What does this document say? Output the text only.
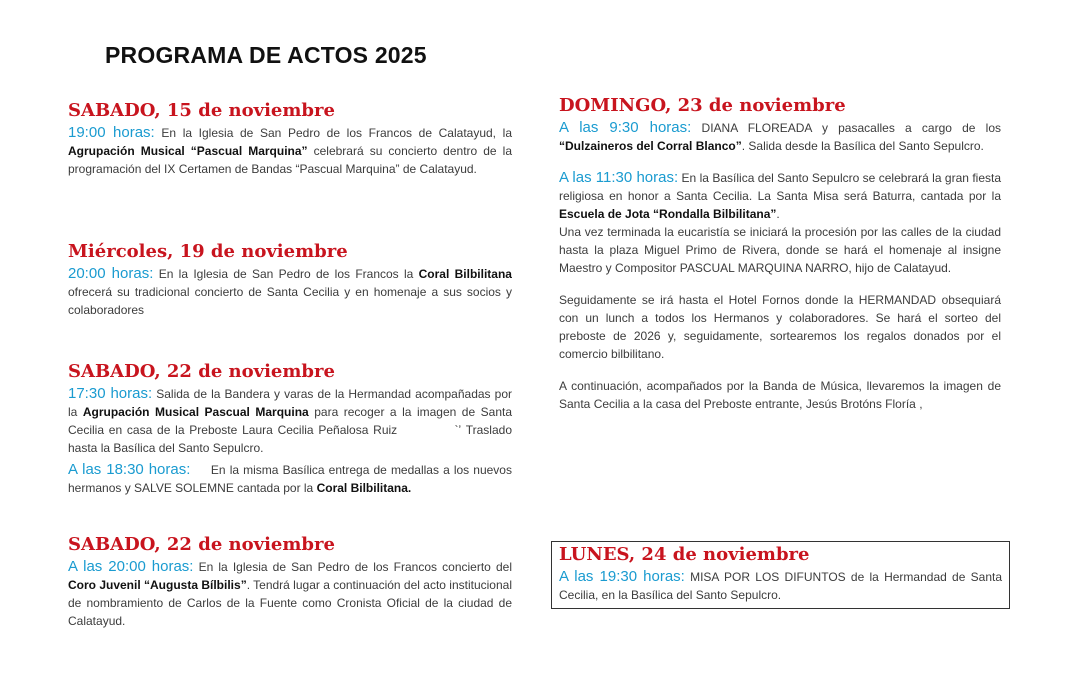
PROGRAMA DE ACTOS 2025
SABADO, 15 de noviembre
19:00 horas: En la Iglesia de San Pedro de los Francos de Calatayud, la Agrupación Musical “Pascual Marquina” celebrará su concierto dentro de la programación del IX Certamen de Bandas “Pascual Marquina” de Calatayud.
Miércoles, 19 de noviembre
20:00 horas: En la Iglesia de San Pedro de los Francos la Coral Bilbilitana ofrecerá su tradicional concierto de Santa Cecilia y en homenaje a sus socios y colaboradores
SABADO, 22 de noviembre
17:30 horas: Salida de la Bandera y varas de la Hermandad acompañadas por la Agrupación Musical Pascual Marquina para recoger a la imagen de Santa Cecilia en casa de la Preboste Laura Cecilia Peñalosa Ruiz            `ʼ Traslado hasta la Basílica del Santo Sepulcro.
A las 18:30 horas:     En la misma Basílica entrega de medallas a los nuevos hermanos y SALVE SOLEMNE cantada por la Coral Bilbilitana.
SABADO, 22 de noviembre
A las 20:00 horas: En la Iglesia de San Pedro de los Francos concierto del Coro Juvenil “Augusta Bílbilis”. Tendrá lugar a continuación del acto institucional de nombramiento de Carlos de la Fuente como Cronista Oficial de la ciudad de Calatayud.
DOMINGO, 23 de noviembre
A las 9:30 horas: DIANA FLOREADA y pasacalles a cargo de los “Dulzaineros del Corral Blanco”. Salida desde la Basílica del Santo Sepulcro.
A las 11:30 horas: En la Basílica del Santo Sepulcro se celebrará la gran fiesta religiosa en honor a Santa Cecilia. La Santa Misa será Baturra, cantada por la Escuela de Jota “Rondalla Bilbilitana”.
Una vez terminada la eucaristía se iniciará la procesión por las calles de la ciudad hasta la plaza Miguel Primo de Rivera, donde se hará el homenaje al insigne Maestro y Compositor PASCUAL MARQUINA NARRO, hijo de Calatayud.
Seguidamente se irá hasta el Hotel Fornos donde la HERMANDAD obsequiará con un lunch a todos los Hermanos y colaboradores. Se hará el sorteo del preboste de 2026 y, seguidamente, sortearemos los regalos donados por el comercio bilbilitano.
A continuación, acompañados por la Banda de Música, llevaremos la imagen de Santa Cecilia a la casa del Preboste entrante, Jesús Brotóns Floría ,
LUNES, 24 de noviembre
A las 19:30 horas: MISA POR LOS DIFUNTOS de la Hermandad de Santa Cecilia, en la Basílica del Santo Sepulcro.
